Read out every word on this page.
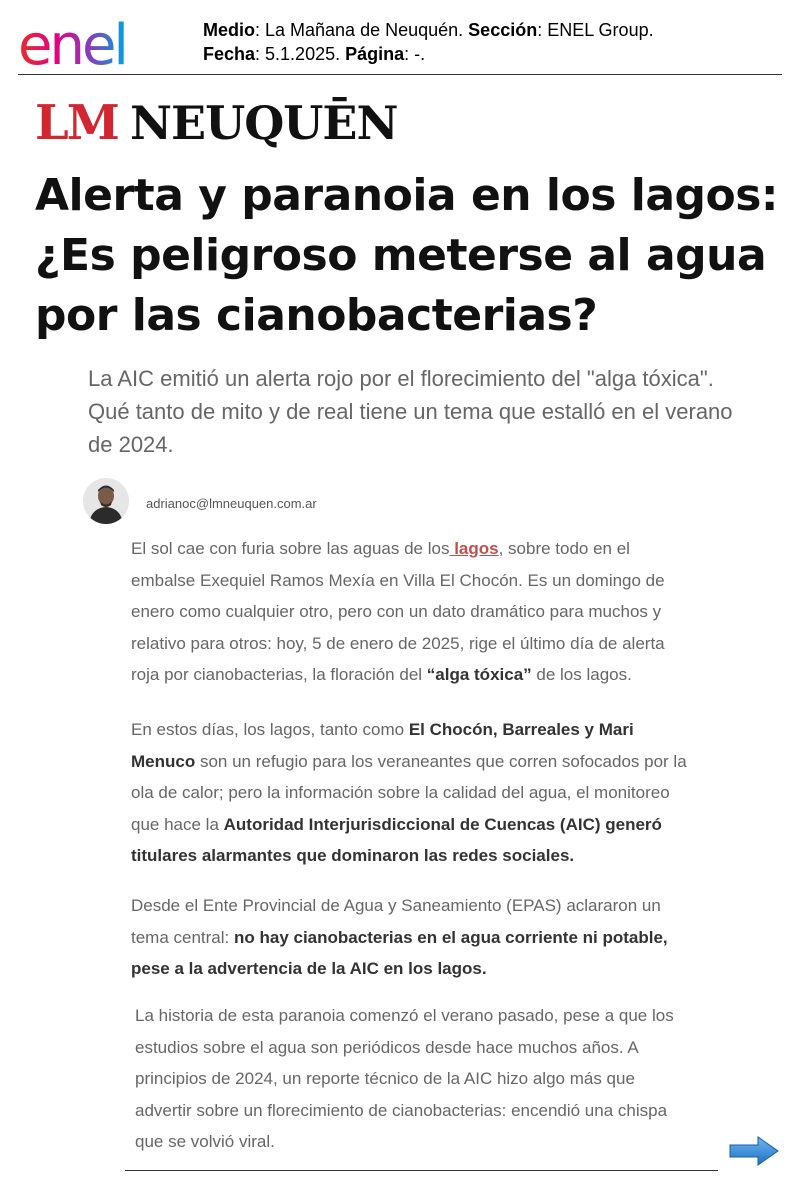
enel	Medio: La Mañana de Neuquén. Sección: ENEL Group.
Fecha: 5.1.2025. Página: -.
LM NEUQUĒN
Alerta y paranoia en los lagos: ¿Es peligroso meterse al agua por las cianobacterias?

La AIC emitió un alerta rojo por el florecimiento del "alga tóxica". Qué tanto de mito y de real tiene un tema que estalló en el verano de 2024.

adrianoc@lmneuquen.com.ar

El sol cae con furia sobre las aguas de los lagos, sobre todo en el embalse Exequiel Ramos Mexía en Villa El Chocón. Es un domingo de enero como cualquier otro, pero con un dato dramático para muchos y relativo para otros: hoy, 5 de enero de 2025, rige el último día de alerta roja por cianobacterias, la floración del “alga tóxica” de los lagos.

En estos días, los lagos, tanto como El Chocón, Barreales y Mari Menuco son un refugio para los veraneantes que corren sofocados por la ola de calor; pero la información sobre la calidad del agua, el monitoreo que hace la Autoridad Interjurisdiccional de Cuencas (AIC) generó titulares alarmantes que dominaron las redes sociales.

Desde el Ente Provincial de Agua y Saneamiento (EPAS) aclararon un tema central: no hay cianobacterias en el agua corriente ni potable, pese a la advertencia de la AIC en los lagos.

La historia de esta paranoia comenzó el verano pasado, pese a que los estudios sobre el agua son periódicos desde hace muchos años. A principios de 2024, un reporte técnico de la AIC hizo algo más que advertir sobre un florecimiento de cianobacterias: encendió una chispa que se volvió viral.
